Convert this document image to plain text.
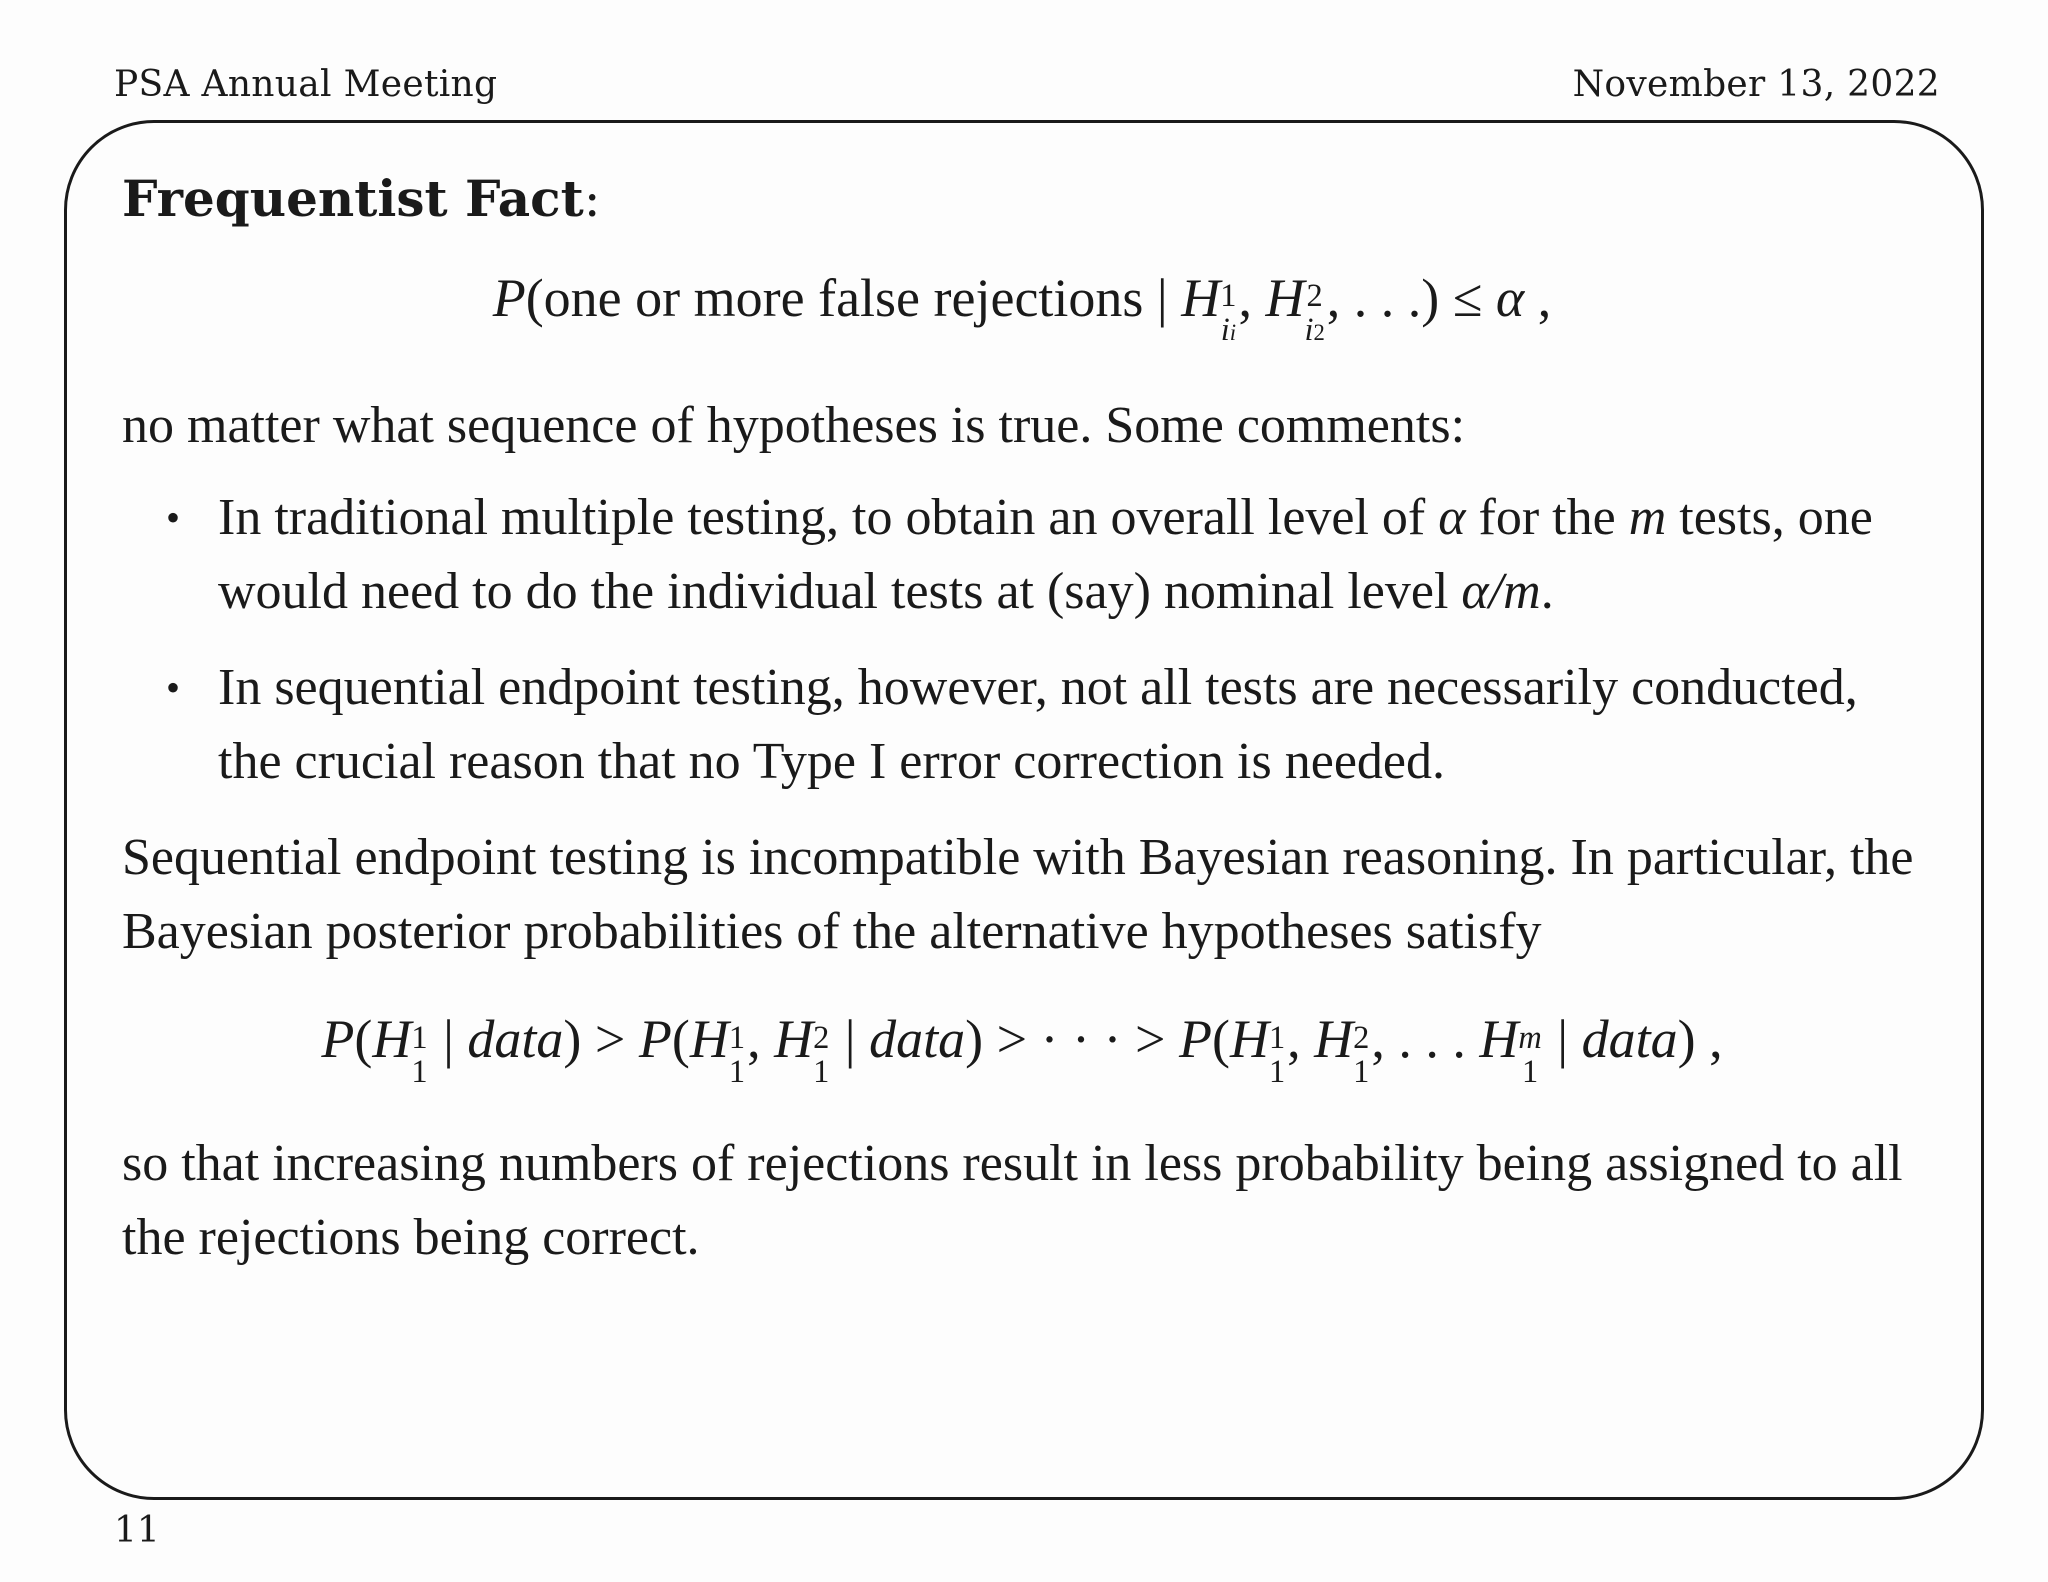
PSA Annual Meeting	November 13, 2022
Frequentist Fact:
P(one or more false rejections | H 1
ii
, H 2
i2
, . . .) ≤ α ,

no matter what sequence of hypotheses is true. Some comments:

• In traditional multiple testing, to obtain an overall level of α for the m tests, one would need to do the individual tests at (say) nominal level α/m.
• In sequential endpoint testing, however, not all tests are necessarily conducted, the crucial reason that no Type I error correction is needed.

Sequential endpoint testing is incompatible with Bayesian reasoning. In particular, the Bayesian posterior probabilities of the alternative hypotheses satisfy

P(H 1
1
| data) > P(H 1
1
, H 2
1
| data) > · · · > P(H 1
1
, H 2
1
, . . . H m
1
| data) ,

so that increasing numbers of rejections result in less probability being assigned to all the rejections being correct.

11
